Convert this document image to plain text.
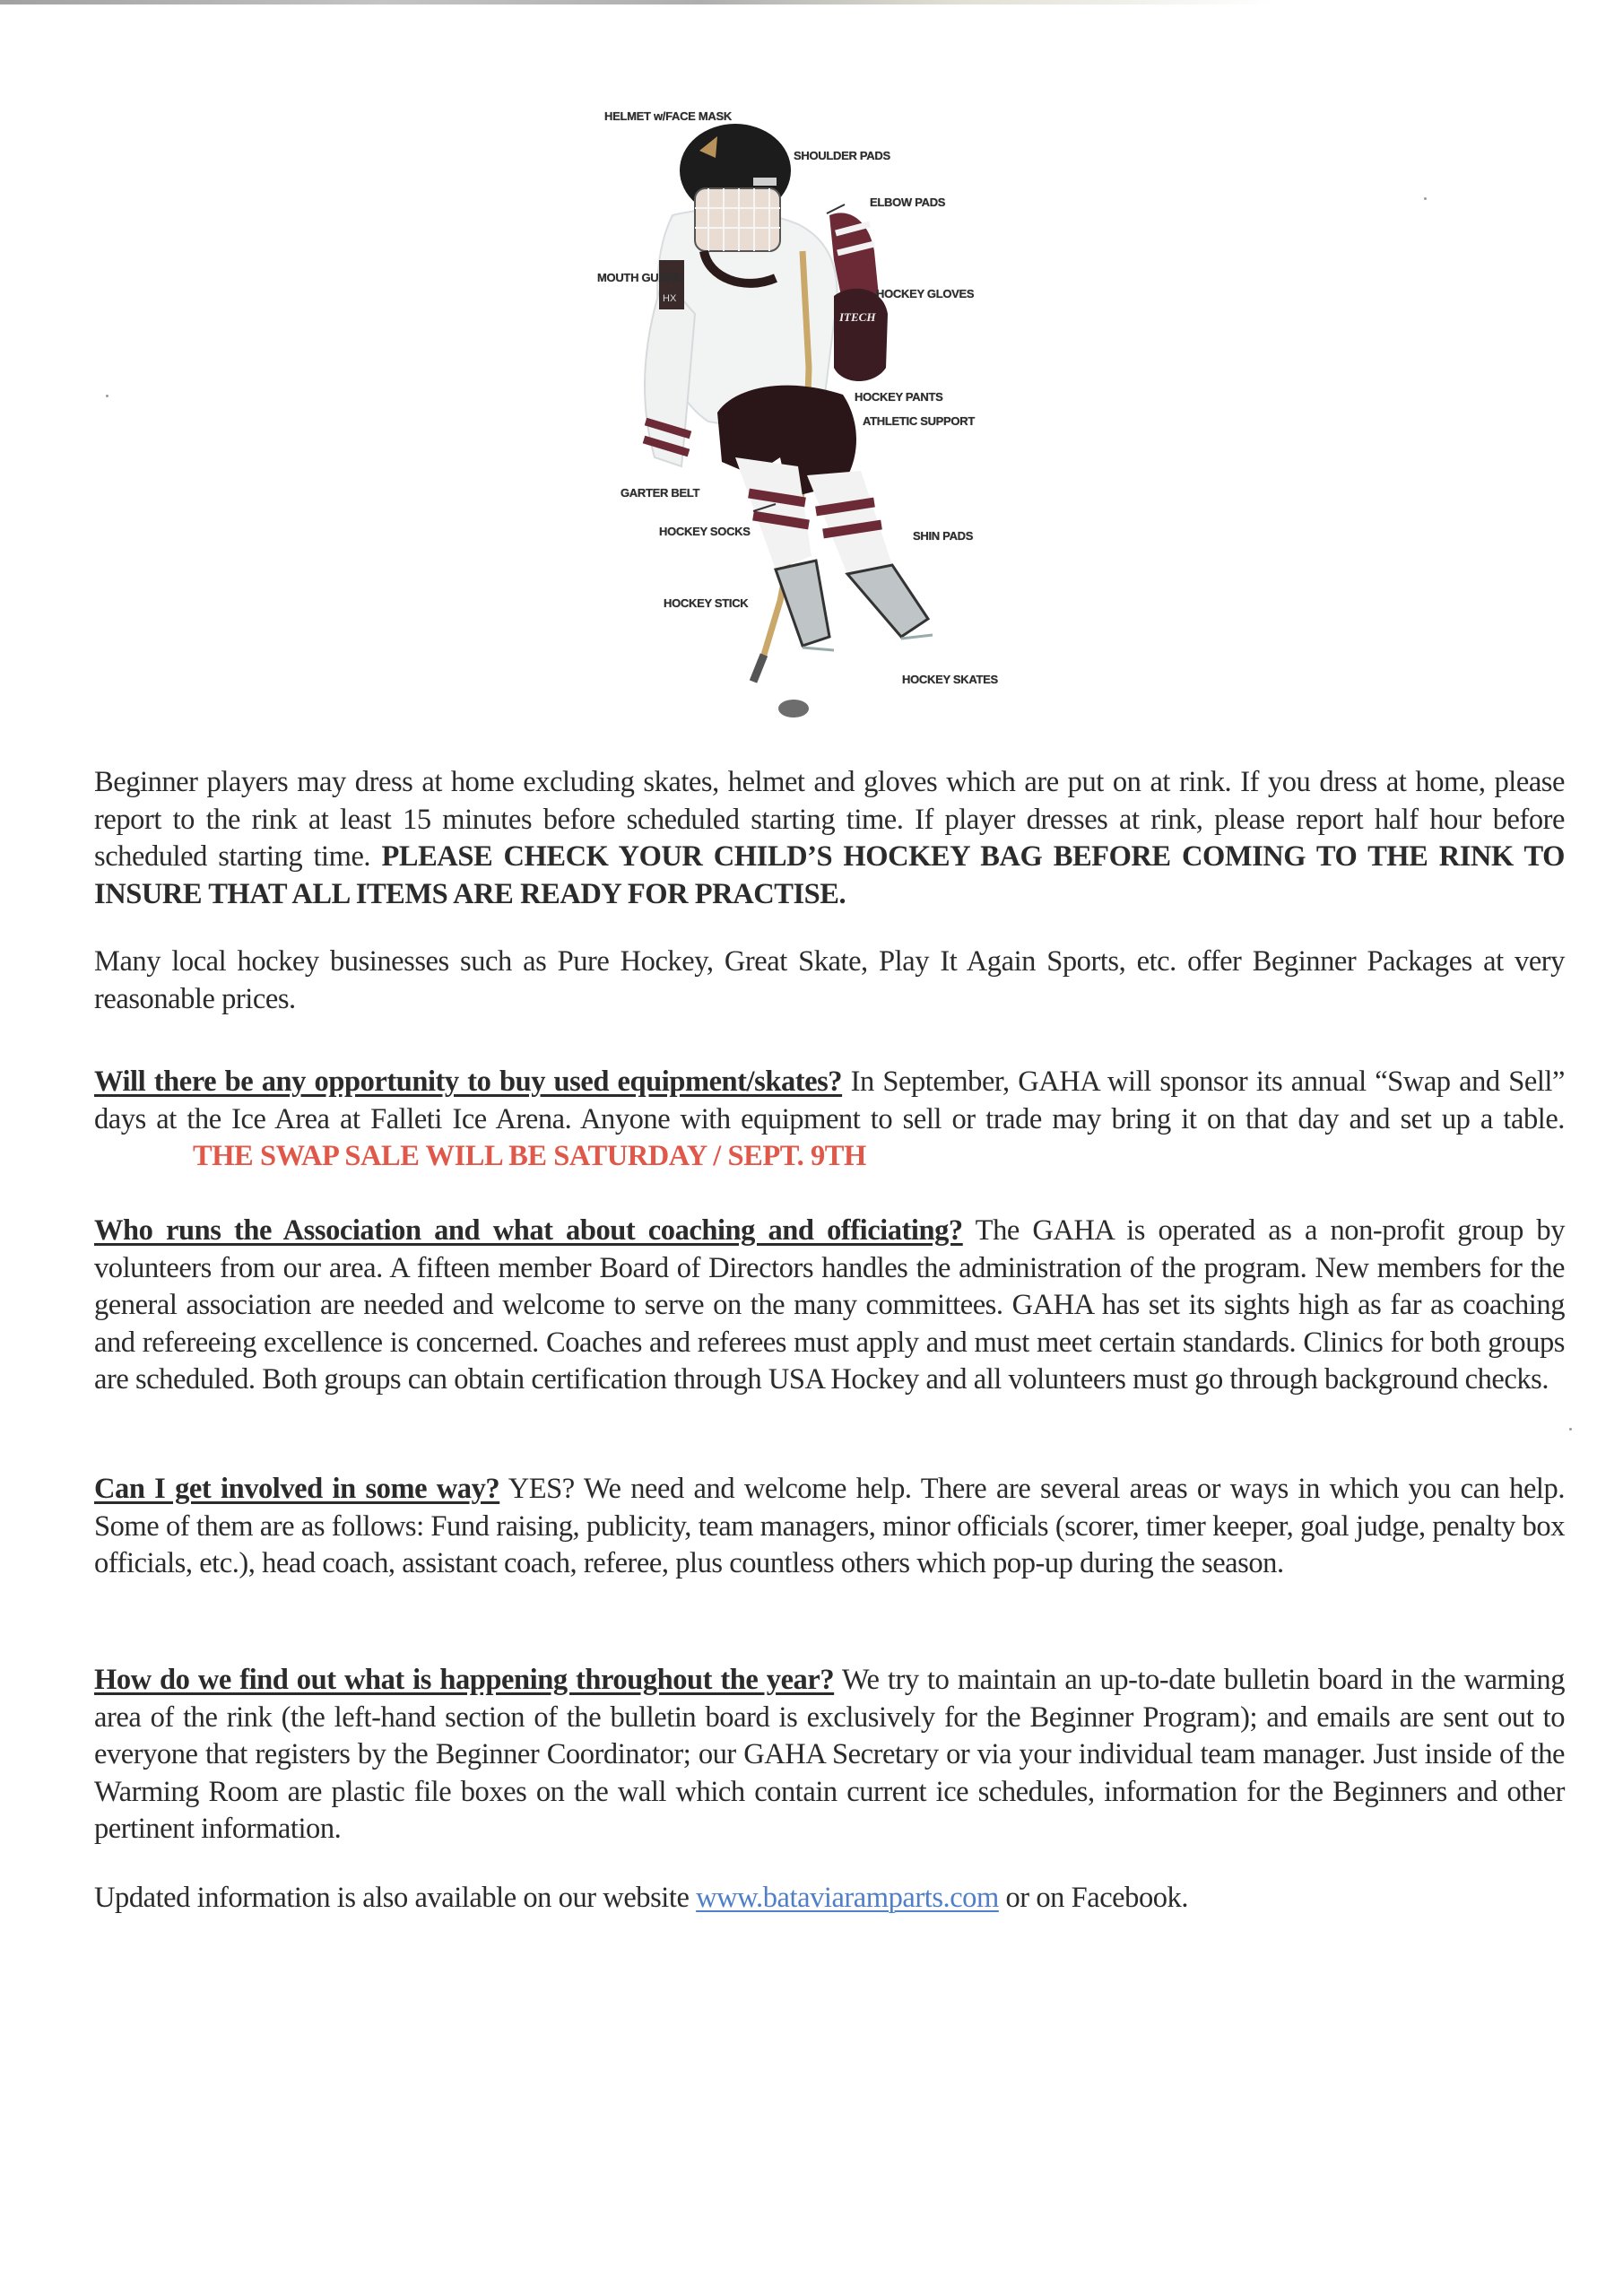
ITECH
HX
HELMET w/FACE MASK
SHOULDER PADS
ELBOW PADS
MOUTH GUARD
HOCKEY GLOVES
HOCKEY PANTS
ATHLETIC SUPPORT
GARTER BELT
HOCKEY SOCKS	SHIN PADS
HOCKEY STICK
HOCKEY SKATES

Beginner players may dress at home excluding skates, helmet and gloves which are put on at rink. If you dress at home, please report to the rink at least 15 minutes before scheduled starting time. If player dresses at rink, please report half hour before scheduled starting time. PLEASE CHECK YOUR CHILD’S HOCKEY BAG BEFORE COMING TO THE RINK TO INSURE THAT ALL ITEMS ARE READY FOR PRACTISE.

Many local hockey businesses such as Pure Hockey, Great Skate, Play It Again Sports, etc. offer Beginner Packages at very reasonable prices.

Will there be any opportunity to buy used equipment/skates? In September, GAHA will sponsor its annual “Swap and Sell” days at the Ice Area at Falleti Ice Arena. Anyone with equipment to sell or trade may bring it on that day and set up a table.THE SWAP SALE WILL BE SATURDAY / SEPT. 9TH

Who runs the Association and what about coaching and officiating? The GAHA is operated as a non-profit group by volunteers from our area. A fifteen member Board of Directors handles the administration of the program. New members for the general association are needed and welcome to serve on the many committees. GAHA has set its sights high as far as coaching and refereeing excellence is concerned. Coaches and referees must apply and must meet certain standards. Clinics for both groups are scheduled. Both groups can obtain certification through USA Hockey and all volunteers must go through background checks.

Can I get involved in some way? YES? We need and welcome help. There are several areas or ways in which you can help. Some of them are as follows: Fund raising, publicity, team managers, minor officials (scorer, timer keeper, goal judge, penalty box officials, etc.), head coach, assistant coach, referee, plus countless others which pop-up during the season.

How do we find out what is happening throughout the year? We try to maintain an up-to-date bulletin board in the warming area of the rink (the left-hand section of the bulletin board is exclusively for the Beginner Program); and emails are sent out to everyone that registers by the Beginner Coordinator; our GAHA Secretary or via your individual team manager. Just inside of the Warming Room are plastic file boxes on the wall which contain current ice schedules, information for the Beginners and other pertinent information.

Updated information is also available on our website www.bataviaramparts.com or on Facebook.
